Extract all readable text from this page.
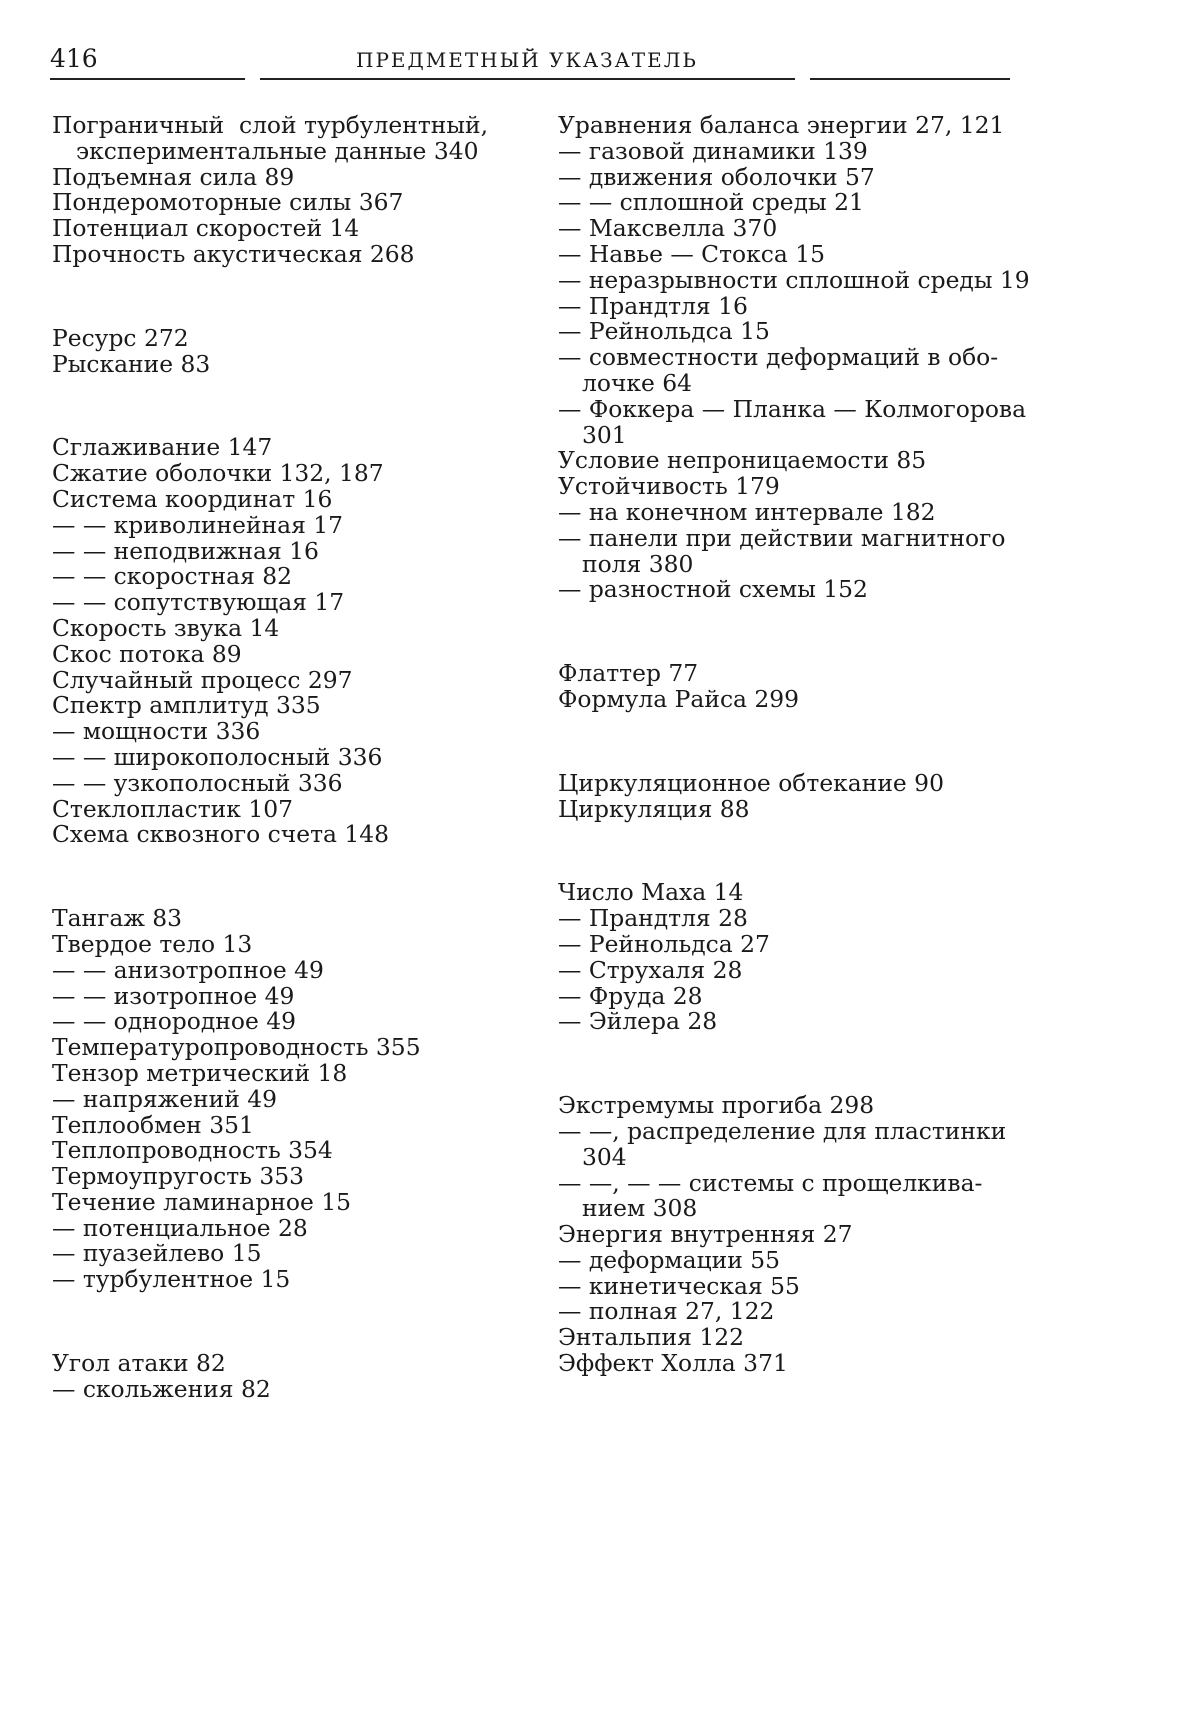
416	ПРЕДМЕТНЫЙ УКАЗАТЕЛЬ
Пограничный  слой турбулентный,
экспериментальные данные 340
Подъемная сила 89
Пондеромоторные силы 367
Потенциал скоростей 14
Прочность акустическая 268
Ресурс 272
Рыскание 83
Сглаживание 147
Сжатие оболочки 132, 187
Система координат 16
— — криволинейная 17
— — неподвижная 16
— — скоростная 82
— — сопутствующая 17
Скорость звука 14
Скос потока 89
Случайный процесс 297
Спектр амплитуд 335
— мощности 336
— — широкополосный 336
— — узкополосный 336
Стеклопластик 107
Схема сквозного счета 148
Тангаж 83
Твердое тело 13
— — анизотропное 49
— — изотропное 49
— — однородное 49
Температуропроводность 355
Тензор метрический 18
— напряжений 49
Теплообмен 351
Теплопроводность 354
Термоупругость 353
Течение ламинарное 15
— потенциальное 28
— пуазейлево 15
— турбулентное 15
Угол атаки 82
— скольжения 82
Уравнения баланса энергии 27, 121
— газовой динамики 139
— движения оболочки 57
— — сплошной среды 21
— Максвелла 370
— Навье — Стокса 15
— неразрывности сплошной среды 19
— Прандтля 16
— Рейнольдса 15
— совместности деформаций в обо-
лочке 64
— Фоккера — Планка — Колмогорова
301
Условие непроницаемости 85
Устойчивость 179
— на конечном интервале 182
— панели при действии магнитного
поля 380
— разностной схемы 152
Флаттер 77
Формула Райса 299
Циркуляционное обтекание 90
Циркуляция 88
Число Маха 14
— Прандтля 28
— Рейнольдса 27
— Струхаля 28
— Фруда 28
— Эйлера 28
Экстремумы прогиба 298
— —, распределение для пластинки
304
— —, — — системы с прощелкива-
нием 308
Энергия внутренняя 27
— деформации 55
— кинетическая 55
— полная 27, 122
Энтальпия 122
Эффект Холла 371
